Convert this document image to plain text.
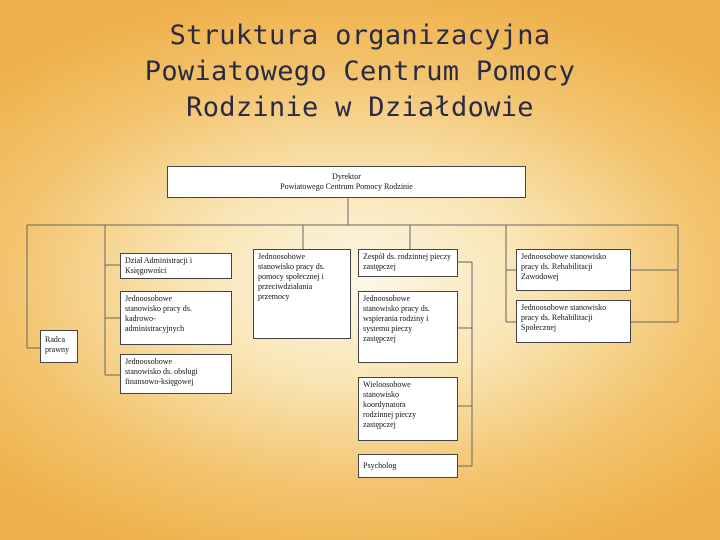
Struktura organizacyjna
Powiatowego Centrum Pomocy
Rodzinie w Działdowie
Dyrektor
Powiatowego Centrum Pomocy Rodzinie
Radca
prawny
Dział Administracji i
Księgowości
Jednoosobowe
stanowisko pracy ds.
kadrowo-
administracyjnych
Jednoosobowe
stanowisko ds. obsługi
finansowo-księgowej
Jednoosobowe
stanowisko pracy ds.
pomocy społecznej i
przeciwdziałania
przemocy
Zespół ds. rodzinnej pieczy
zastępczej
Jednoosobowe
stanowisko pracy ds.
wspierania rodziny i
systemu pieczy
zastępczej
Wieloosobowe
stanowisko
koordynatora
rodzinnej pieczy
zastępczej
Psycholog
Jednoosobowe stanowisko
pracy ds. Rehabilitacji
Zawodowej
Jednoosobowe stanowisko
pracy ds. Rehabilitacji
Społecznej
